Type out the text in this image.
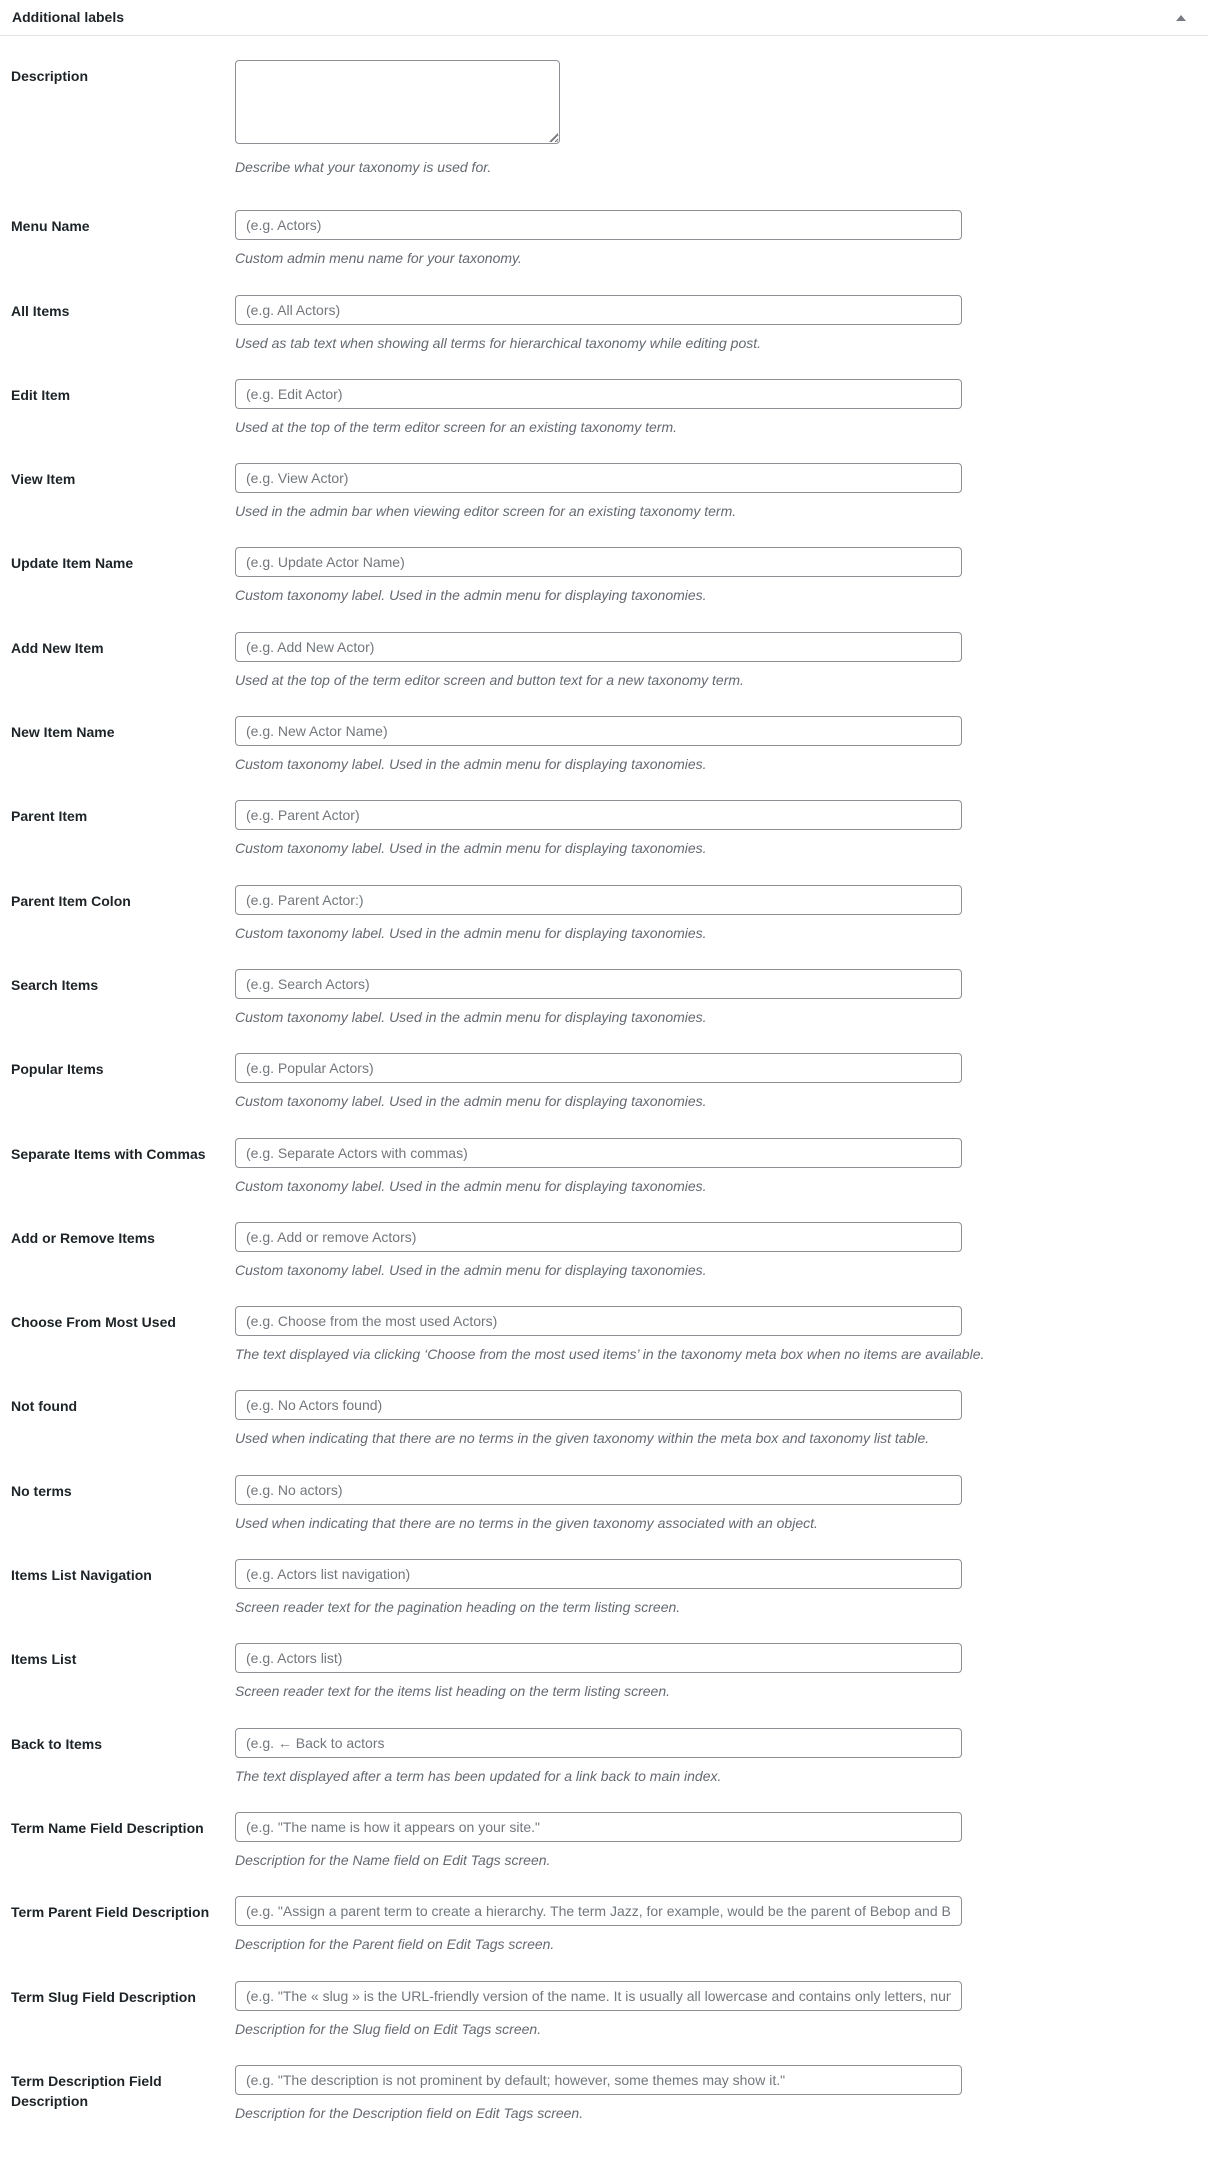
Additional labels
Description

Describe what your taxonomy is used for.

Menu Name
(e.g. Actors)

Custom admin menu name for your taxonomy.

All Items
(e.g. All Actors)

Used as tab text when showing all terms for hierarchical taxonomy while editing post.

Edit Item
(e.g. Edit Actor)

Used at the top of the term editor screen for an existing taxonomy term.

View Item
(e.g. View Actor)

Used in the admin bar when viewing editor screen for an existing taxonomy term.

Update Item Name
(e.g. Update Actor Name)

Custom taxonomy label. Used in the admin menu for displaying taxonomies.

Add New Item
(e.g. Add New Actor)

Used at the top of the term editor screen and button text for a new taxonomy term.

New Item Name
(e.g. New Actor Name)

Custom taxonomy label. Used in the admin menu for displaying taxonomies.

Parent Item
(e.g. Parent Actor)

Custom taxonomy label. Used in the admin menu for displaying taxonomies.

Parent Item Colon
(e.g. Parent Actor:)

Custom taxonomy label. Used in the admin menu for displaying taxonomies.

Search Items
(e.g. Search Actors)

Custom taxonomy label. Used in the admin menu for displaying taxonomies.

Popular Items
(e.g. Popular Actors)

Custom taxonomy label. Used in the admin menu for displaying taxonomies.

Separate Items with Commas
(e.g. Separate Actors with commas)

Custom taxonomy label. Used in the admin menu for displaying taxonomies.

Add or Remove Items
(e.g. Add or remove Actors)

Custom taxonomy label. Used in the admin menu for displaying taxonomies.

Choose From Most Used
(e.g. Choose from the most used Actors)

The text displayed via clicking ‘Choose from the most used items’ in the taxonomy meta box when no items are available.

Not found
(e.g. No Actors found)

Used when indicating that there are no terms in the given taxonomy within the meta box and taxonomy list table.

No terms
(e.g. No actors)

Used when indicating that there are no terms in the given taxonomy associated with an object.

Items List Navigation
(e.g. Actors list navigation)

Screen reader text for the pagination heading on the term listing screen.

Items List
(e.g. Actors list)

Screen reader text for the items list heading on the term listing screen.

Back to Items
(e.g. ← Back to actors

The text displayed after a term has been updated for a link back to main index.

Term Name Field Description
(e.g. "The name is how it appears on your site."

Description for the Name field on Edit Tags screen.

Term Parent Field Description
(e.g. "Assign a parent term to create a hierarchy. The term Jazz, for example, would be the parent of Bebop and B

Description for the Parent field on Edit Tags screen.

Term Slug Field Description
(e.g. "The « slug » is the URL-friendly version of the name. It is usually all lowercase and contains only letters, nun

Description for the Slug field on Edit Tags screen.

Term Description Field Description
(e.g. "The description is not prominent by default; however, some themes may show it."

Description for the Description field on Edit Tags screen.
